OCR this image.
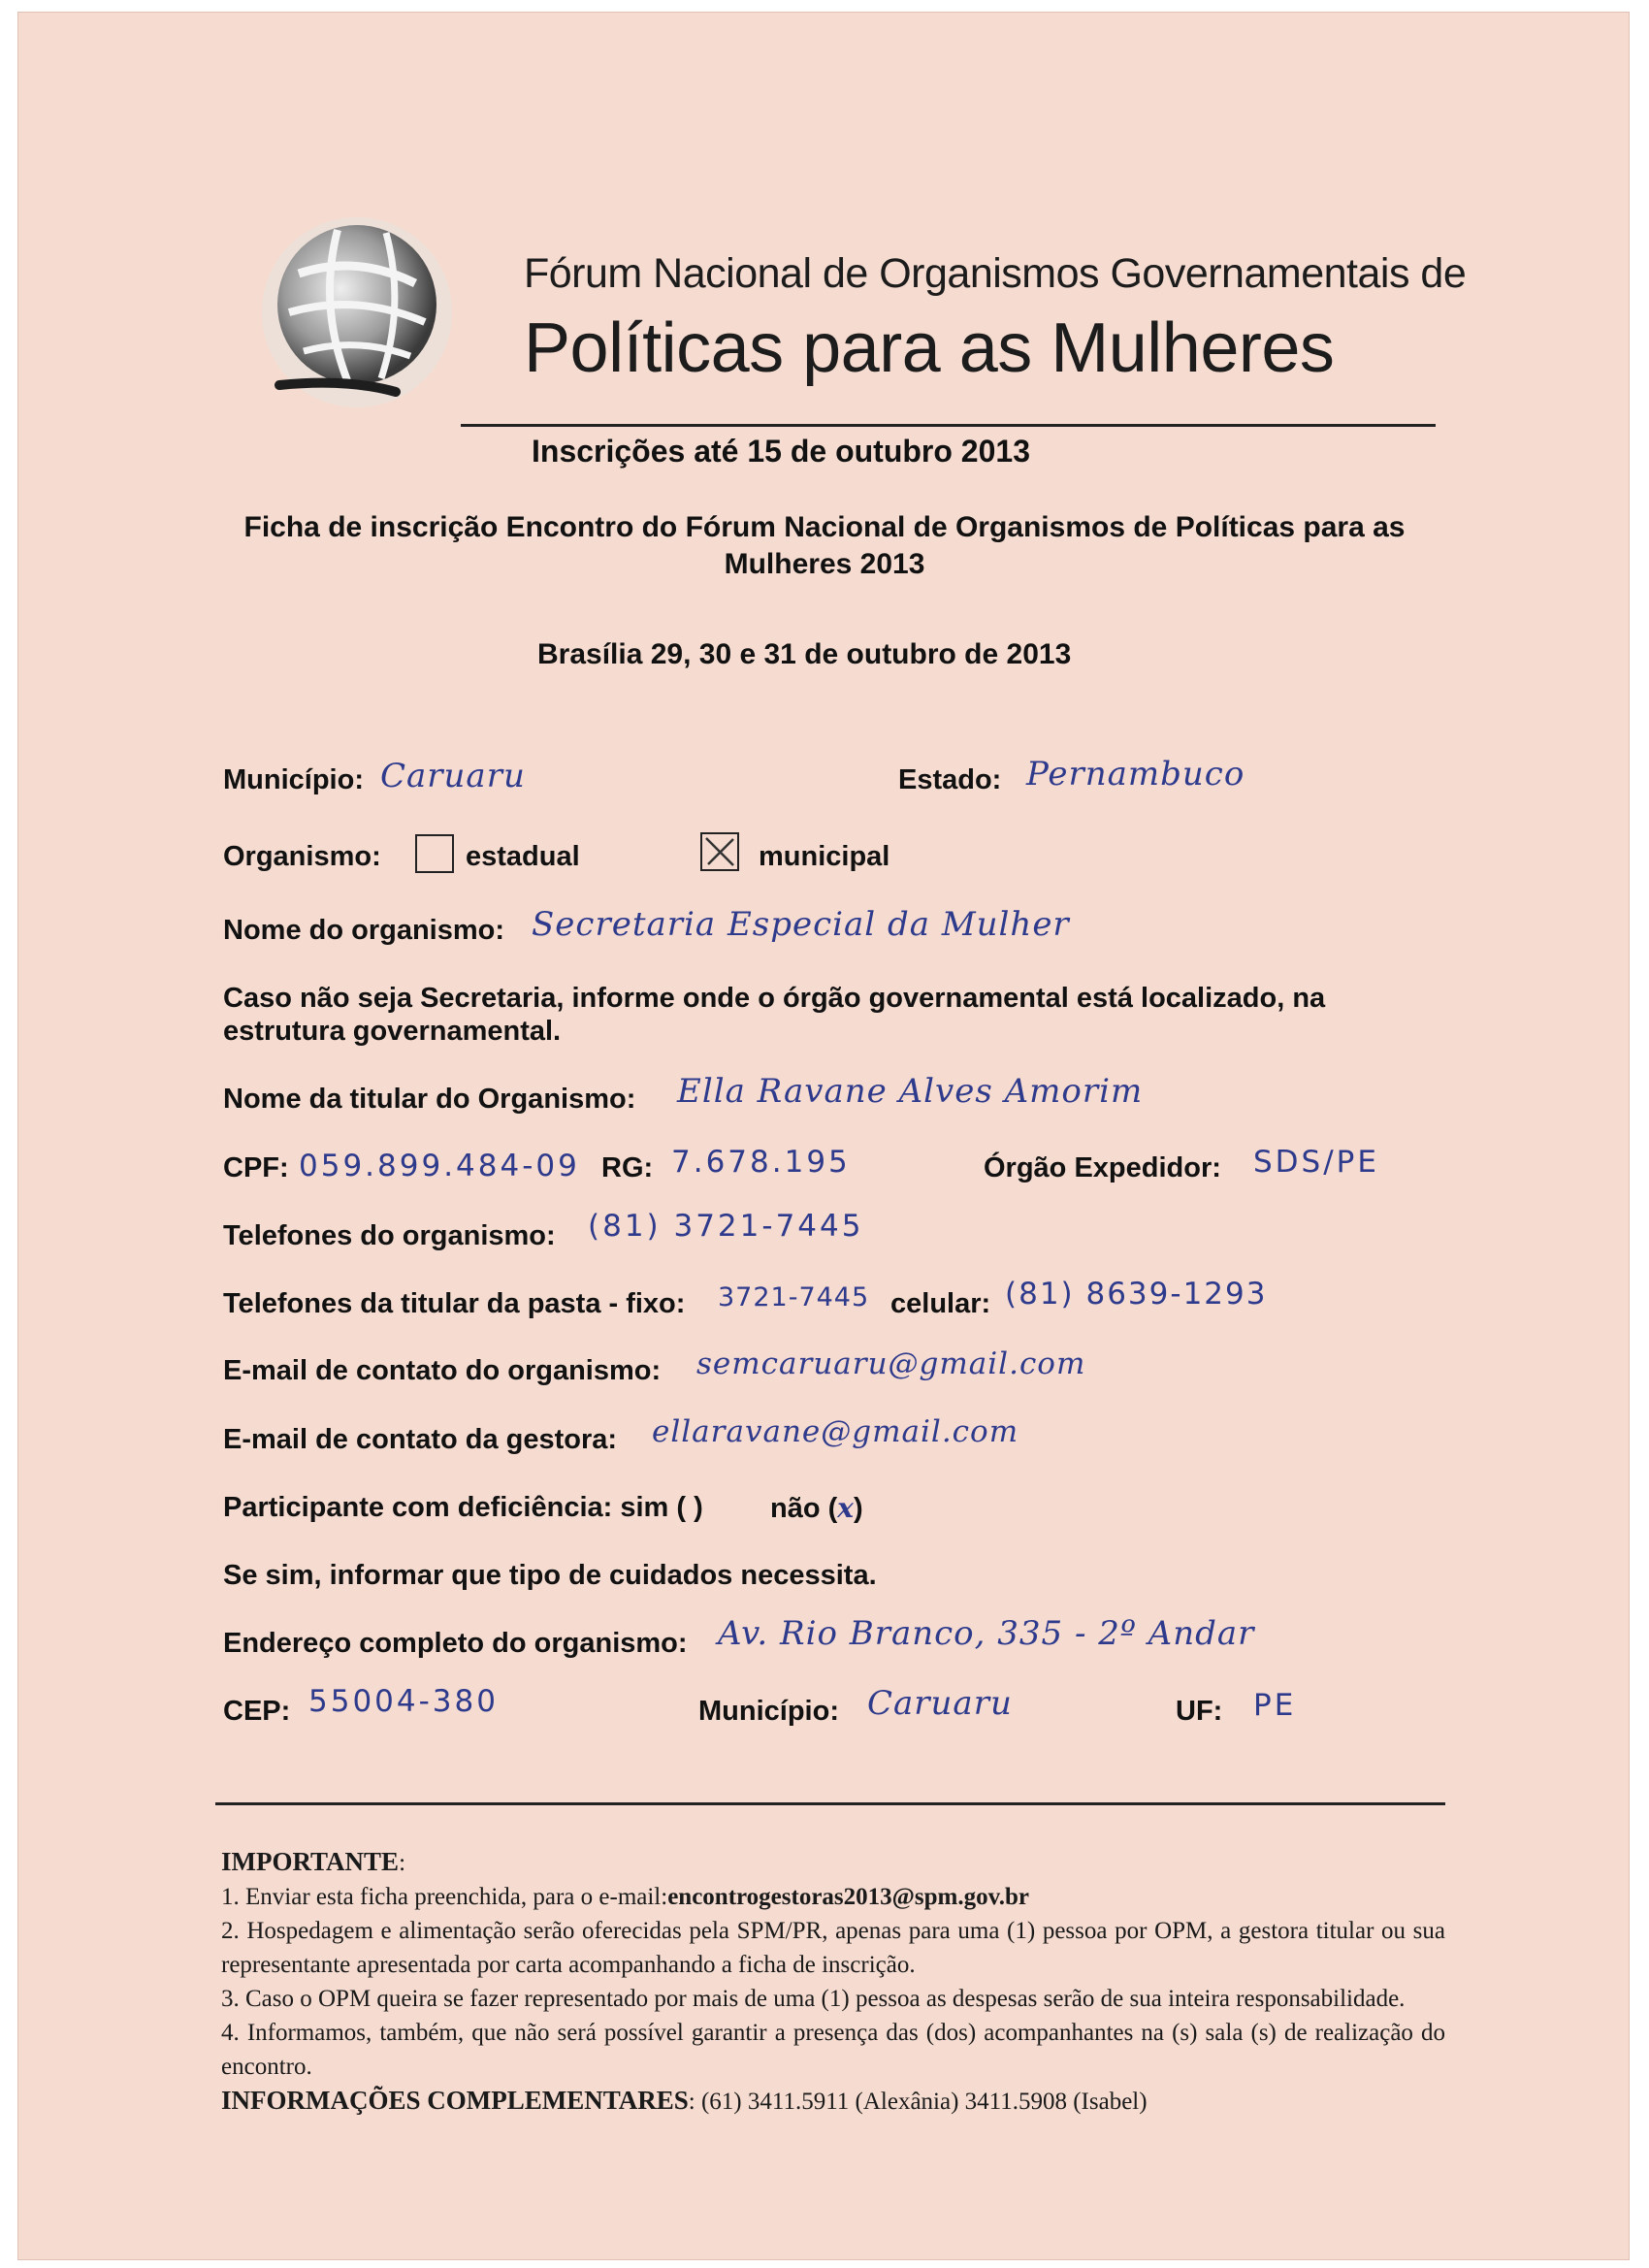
Fórum Nacional de Organismos Governamentais de
Políticas para as Mulheres
Inscrições até 15 de outubro 2013
Ficha de inscrição Encontro do Fórum Nacional de Organismos de Políticas para as Mulheres 2013
Brasília 29, 30 e 31 de outubro de 2013
Município: Caruaru	Estado: Pernambuco
Organismo:	estadual	municipal
Nome do organismo: Secretaria Especial da Mulher
Caso não seja Secretaria, informe onde o órgão governamental está localizado, na estrutura governamental.
Nome da titular do Organismo: Ella Ravane Alves Amorim
CPF: 059.899.484-09 RG: 7.678.195	Órgão Expedidor: SDS/PE
Telefones do organismo: (81) 3721-7445
Telefones da titular da pasta - fixo: 3721-7445 celular: (81) 8639-1293
E-mail de contato do organismo: semcaruaru@gmail.com
E-mail de contato da gestora: ellaravane@gmail.com
Participante com deficiência: sim ( ) não (x)
Se sim, informar que tipo de cuidados necessita.
Endereço completo do organismo: Av. Rio Branco, 335 - 2º Andar
CEP: 55004-380	Município: Caruaru	UF: PE

IMPORTANTE:

1. Enviar esta ficha preenchida, para o e-mail:encontrogestoras2013@spm.gov.br

2. Hospedagem e alimentação serão oferecidas pela SPM/PR, apenas para uma (1) pessoa por OPM, a gestora titular ou sua representante apresentada por carta acompanhando a ficha de inscrição.

3. Caso o OPM queira se fazer representado por mais de uma (1) pessoa as despesas serão de sua inteira responsabilidade.

4. Informamos, também, que não será possível garantir a presença das (dos) acompanhantes na (s) sala (s) de realização do encontro.

INFORMAÇÕES COMPLEMENTARES: (61) 3411.5911 (Alexânia) 3411.5908 (Isabel)
